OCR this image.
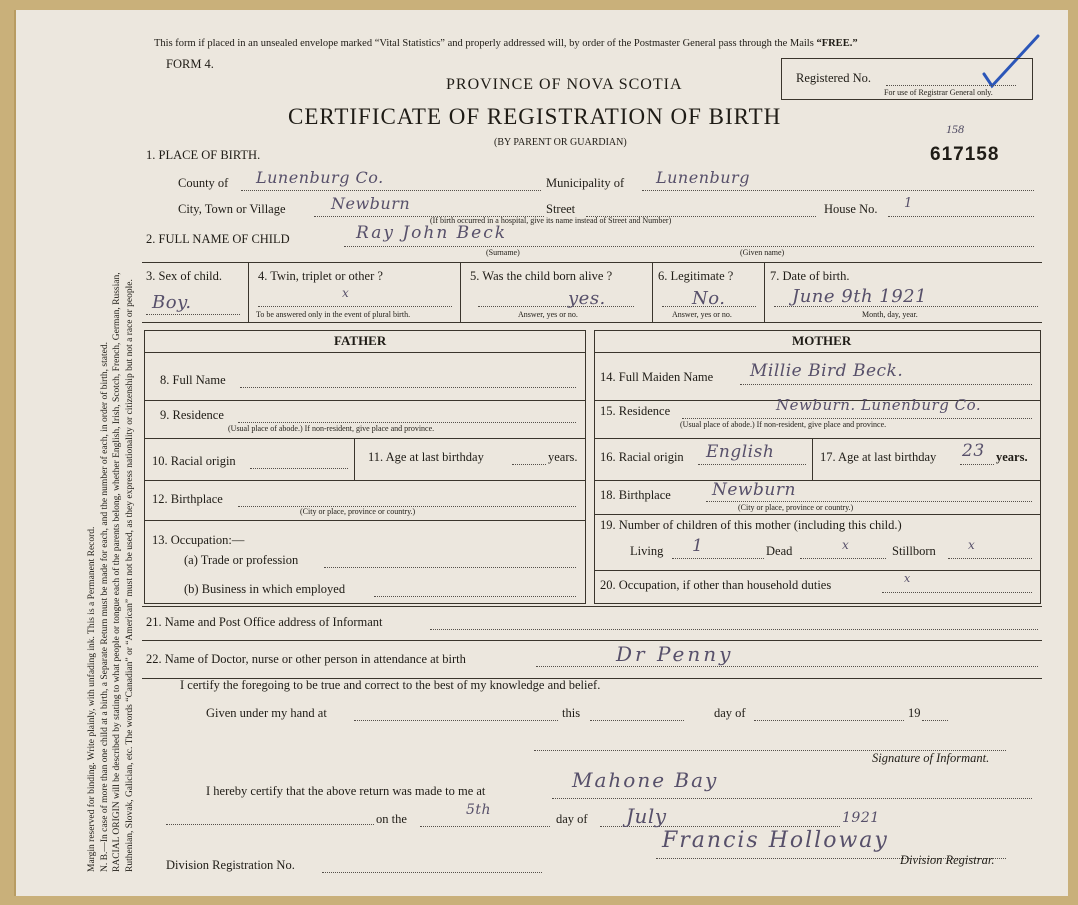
Margin reserved for binding. Write plainly, with unfading ink. This is a Permanent Record. N. B.—In case of more than one child at a birth, a Separate Return must be made for each, and the number of each, in order of birth, stated. RACIAL ORIGIN will be described by stating to what people or tongue each of the parents belong, whether English, Irish, Scotch, French, German, Russian, Ruthenian, Slovak, Galician, etc. The words “Canadian” or “American” must not be used, as they express nationality or citizenship but not a race or people.
This form if placed in an unsealed envelope marked “Vital Statistics” and properly addressed will, by order of the Postmaster General pass through the Mails “FREE.”
FORM 4.
PROVINCE OF NOVA SCOTIA	Registered No.
For use of Registrar General only.
CERTIFICATE OF REGISTRATION OF BIRTH
(BY PARENT OR GUARDIAN)
158
617158
1. PLACE OF BIRTH.
County of Lunenburg Co.	Municipality of Lunenburg
City, Town or Village	Newburn	Street	House No. 1
(If birth occurred in a hospital, give its name instead of Street and Number)
2. FULL NAME OF CHILD	Ray John Beck
(Surname)	(Given name)
3. Sex of child.
Boy.
4. Twin, triplet or other ?
x
To be answered only in the event of plural birth.
5. Was the child born alive ?
yes.
Answer, yes or no.
6. Legitimate ?
No.
Answer, yes or no.
7. Date of birth.
June 9th 1921
Month, day, year.
FATHER	MOTHER
8. Full Name
9. Residence
(Usual place of abode.) If non-resident, give place and province.
10. Racial origin	11. Age at last birthday	years.
12. Birthplace
(City or place, province or country.)
13. Occupation:—
(a) Trade or profession
(b) Business in which employed
14. Full Maiden Name Millie Bird Beck.
15. Residence	Newburn. Lunenburg Co.
(Usual place of abode.) If non-resident, give place and province.
16. Racial origin English	17. Age at last birthday 23 years.
18. Birthplace Newburn
(City or place, province or country.)
19. Number of children of this mother (including this child.)
Living 1	Dead	x	Stillborn	x
20. Occupation, if other than household duties	x
21. Name and Post Office address of Informant
22. Name of Doctor, nurse or other person in attendance at birth	Dr Penny
I certify the foregoing to be true and correct to the best of my knowledge and belief.
Given under my hand at	this	day of	19
Signature of Informant.
I hereby certify that the above return was made to me at	Mahone Bay
on the
5th
day of July	1921
Francis Holloway
Division Registration No.	Division Registrar.
